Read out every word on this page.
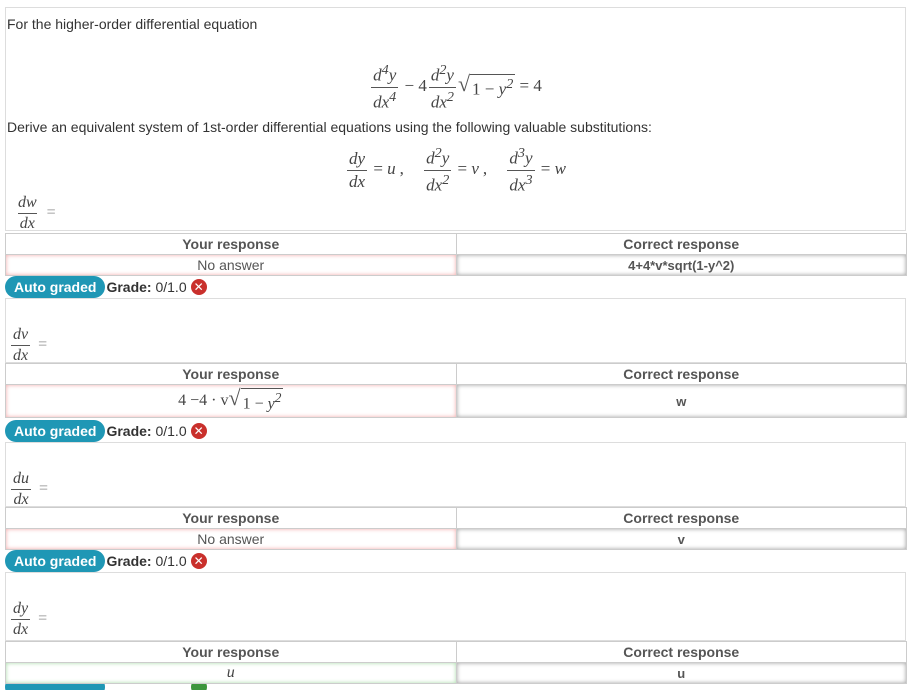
For the higher-order differential equation
$\frac{d^4y}{dx^4} - 4 \frac{d^2y}{dx^2}$ √ $1 - y^2 = 4$
Derive an equivalent system of 1st-order differential equations using the following valuable substitutions:
$\frac{dy}{dx} = u$ , $\frac{d^2y}{dx^2} = v$ , $\frac{d^3y}{dx^3} = w$
$\frac{dw}{dx}$ =
Your response	Correct response
No answer	4+4*v*sqrt(1-y^2)
Auto graded Grade: 0/1.0 ✕
$\frac{dv}{dx}$ =
Your response	Correct response
4 −4 · v √ $1 - y^2$	w
Auto graded Grade: 0/1.0 ✕
$\frac{du}{dx}$ =
Your response	Correct response
No answer	v
Auto graded Grade: 0/1.0 ✕
$\frac{dy}{dx}$ =
Your response	Correct response
u	u
